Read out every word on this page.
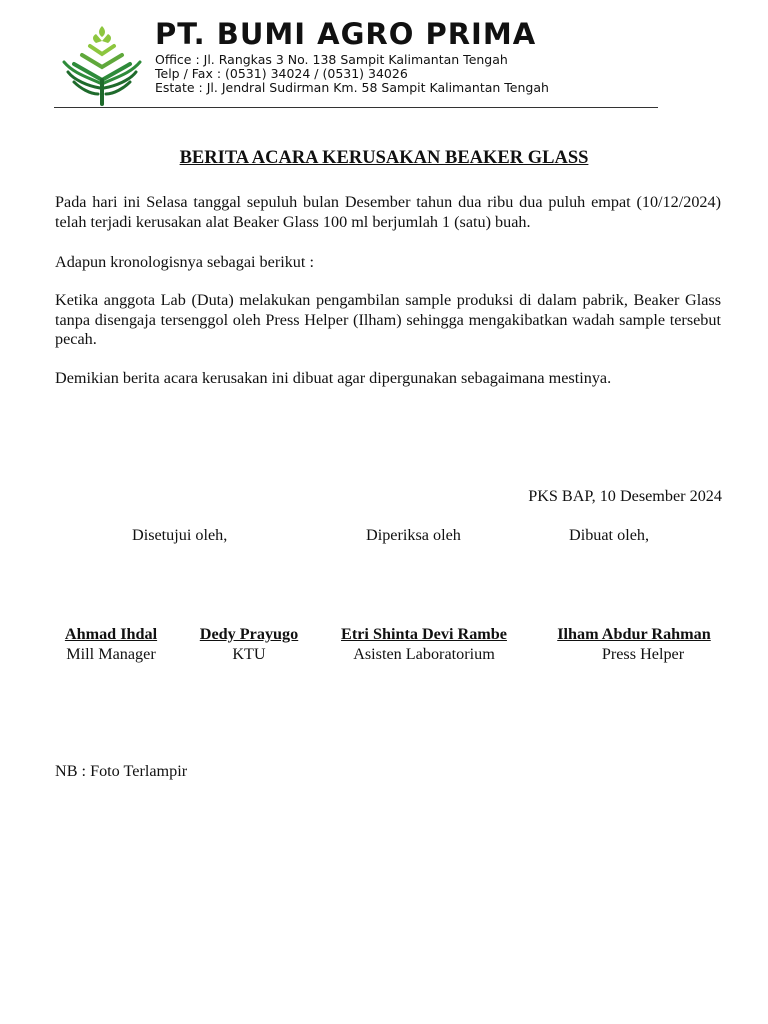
PT. BUMI AGRO PRIMA
Office : Jl. Rangkas 3 No. 138 Sampit Kalimantan Tengah
Telp / Fax : (0531) 34024 / (0531) 34026
Estate : Jl. Jendral Sudirman Km. 58 Sampit Kalimantan Tengah
BERITA ACARA KERUSAKAN BEAKER GLASS

Pada hari ini Selasa tanggal sepuluh bulan Desember tahun dua ribu dua puluh empat (10/12/2024) telah terjadi kerusakan alat Beaker Glass 100 ml berjumlah 1 (satu) buah.

Adapun kronologisnya sebagai berikut :

Ketika anggota Lab (Duta) melakukan pengambilan sample produksi di dalam pabrik, Beaker Glass tanpa disengaja tersenggol oleh Press Helper (Ilham) sehingga mengakibatkan wadah sample tersebut pecah.

Demikian berita acara kerusakan ini dibuat agar dipergunakan sebagaimana mestinya.

PKS BAP, 10 Desember 2024
Disetujui oleh,	Diperiksa oleh	Dibuat oleh,
Ahmad Ihdal
Mill Manager
Dedy Prayugo
KTU
Etri Shinta Devi Rambe
Asisten Laboratorium
Ilham Abdur Rahman
Press Helper
NB : Foto Terlampir
